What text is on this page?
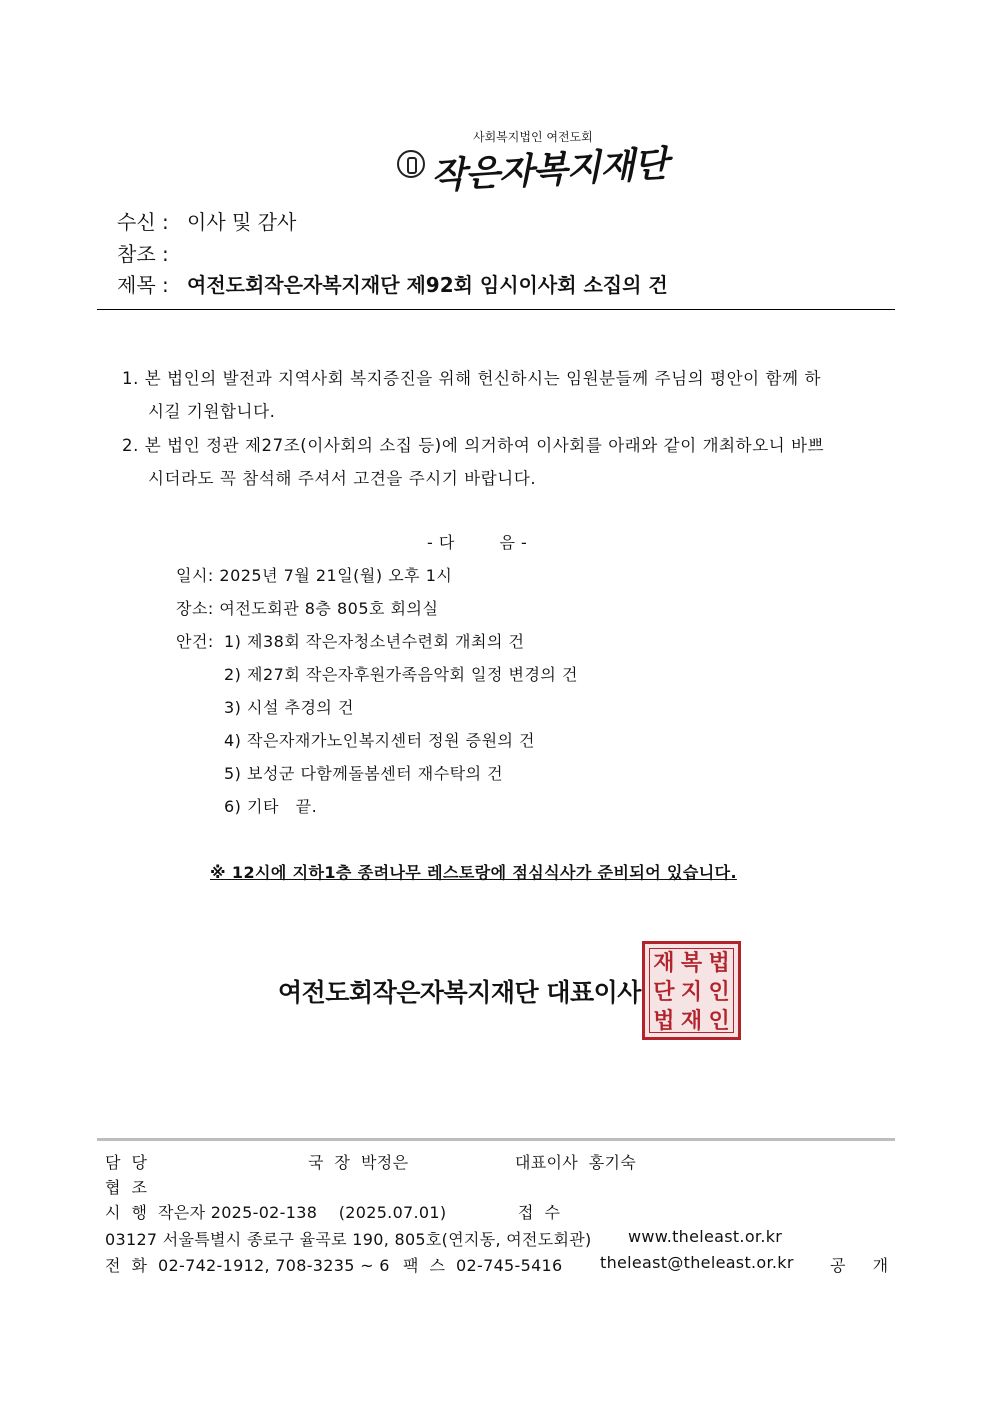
사회복지법인 여전도회
작은자복지재단
수신 : 이사 및 감사
참조 :
제목 : 여전도회작은자복지재단 제92회 임시이사회 소집의 건
1. 본 법인의 발전과 지역사회 복지증진을 위해 헌신하시는 임원분들께 주님의 평안이 함께 하
시길 기원합니다.
2. 본 법인 정관 제27조(이사회의 소집 등)에 의거하여 이사회를 아래와 같이 개최하오니 바쁘
시더라도 꼭 참석해 주셔서 고견을 주시기 바랍니다.
- 다        음 -
일시: 2025년 7월 21일(월) 오후 1시
장소: 여전도회관 8층 805호 회의실
안건: 1) 제38회 작은자청소년수련회 개최의 건
2) 제27회 작은자후원가족음악회 일정 변경의 건
3) 시설 추경의 건
4) 작은자재가노인복지센터 정원 증원의 건
5) 보성군 다함께돌봄센터 재수탁의 건
6) 기타   끝.
※ 12시에 지하1층 종려나무 레스토랑에 점심식사가 준비되어 있습니다.
여전도회작은자복지재단 대표이사
재 복 법
단 지 인
법 재 인
담  당	국  장  박정은	대표이사  홍기숙
협  조
시  행  작은자 2025-02-138    (2025.07.01)	접  수
03127 서울특별시 종로구 율곡로 190, 805호(연지동, 여전도회관) www.theleast.or.kr
전  화  02-742-1912, 708-3235 ~ 6 팩  스  02-745-5416 theleast@theleast.or.kr 공     개
